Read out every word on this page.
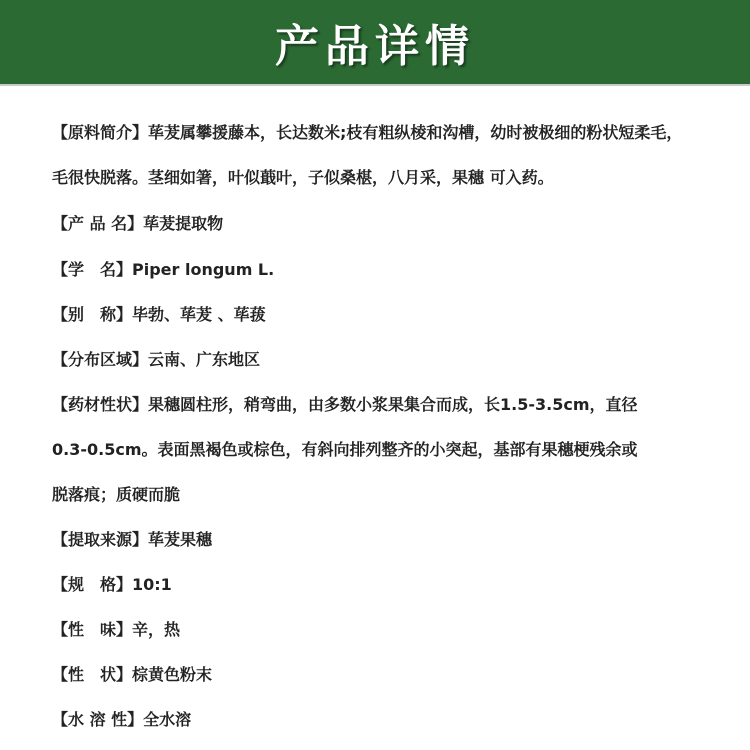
产品详情
【原料简介】荜茇属攀援藤本，长达数米;枝有粗纵棱和沟槽，幼时被极细的粉状短柔毛，
毛很快脱落。茎细如箸，叶似蕺叶，子似桑椹，八月采，果穗 可入药。
【产 品 名】荜茇提取物
【学　名】Piper longum L.
【别　称】毕勃、荜茇 、荜菝
【分布区域】云南、广东地区
【药材性状】果穗圆柱形，稍弯曲，由多数小浆果集合而成，长1.5-3.5cm，直径
0.3-0.5cm。表面黑褐色或棕色，有斜向排列整齐的小突起，基部有果穗梗残余或
脱落痕；质硬而脆
【提取来源】荜茇果穗
【规　格】10:1
【性　味】辛，热
【性　状】棕黄色粉末
【水 溶 性】全水溶
